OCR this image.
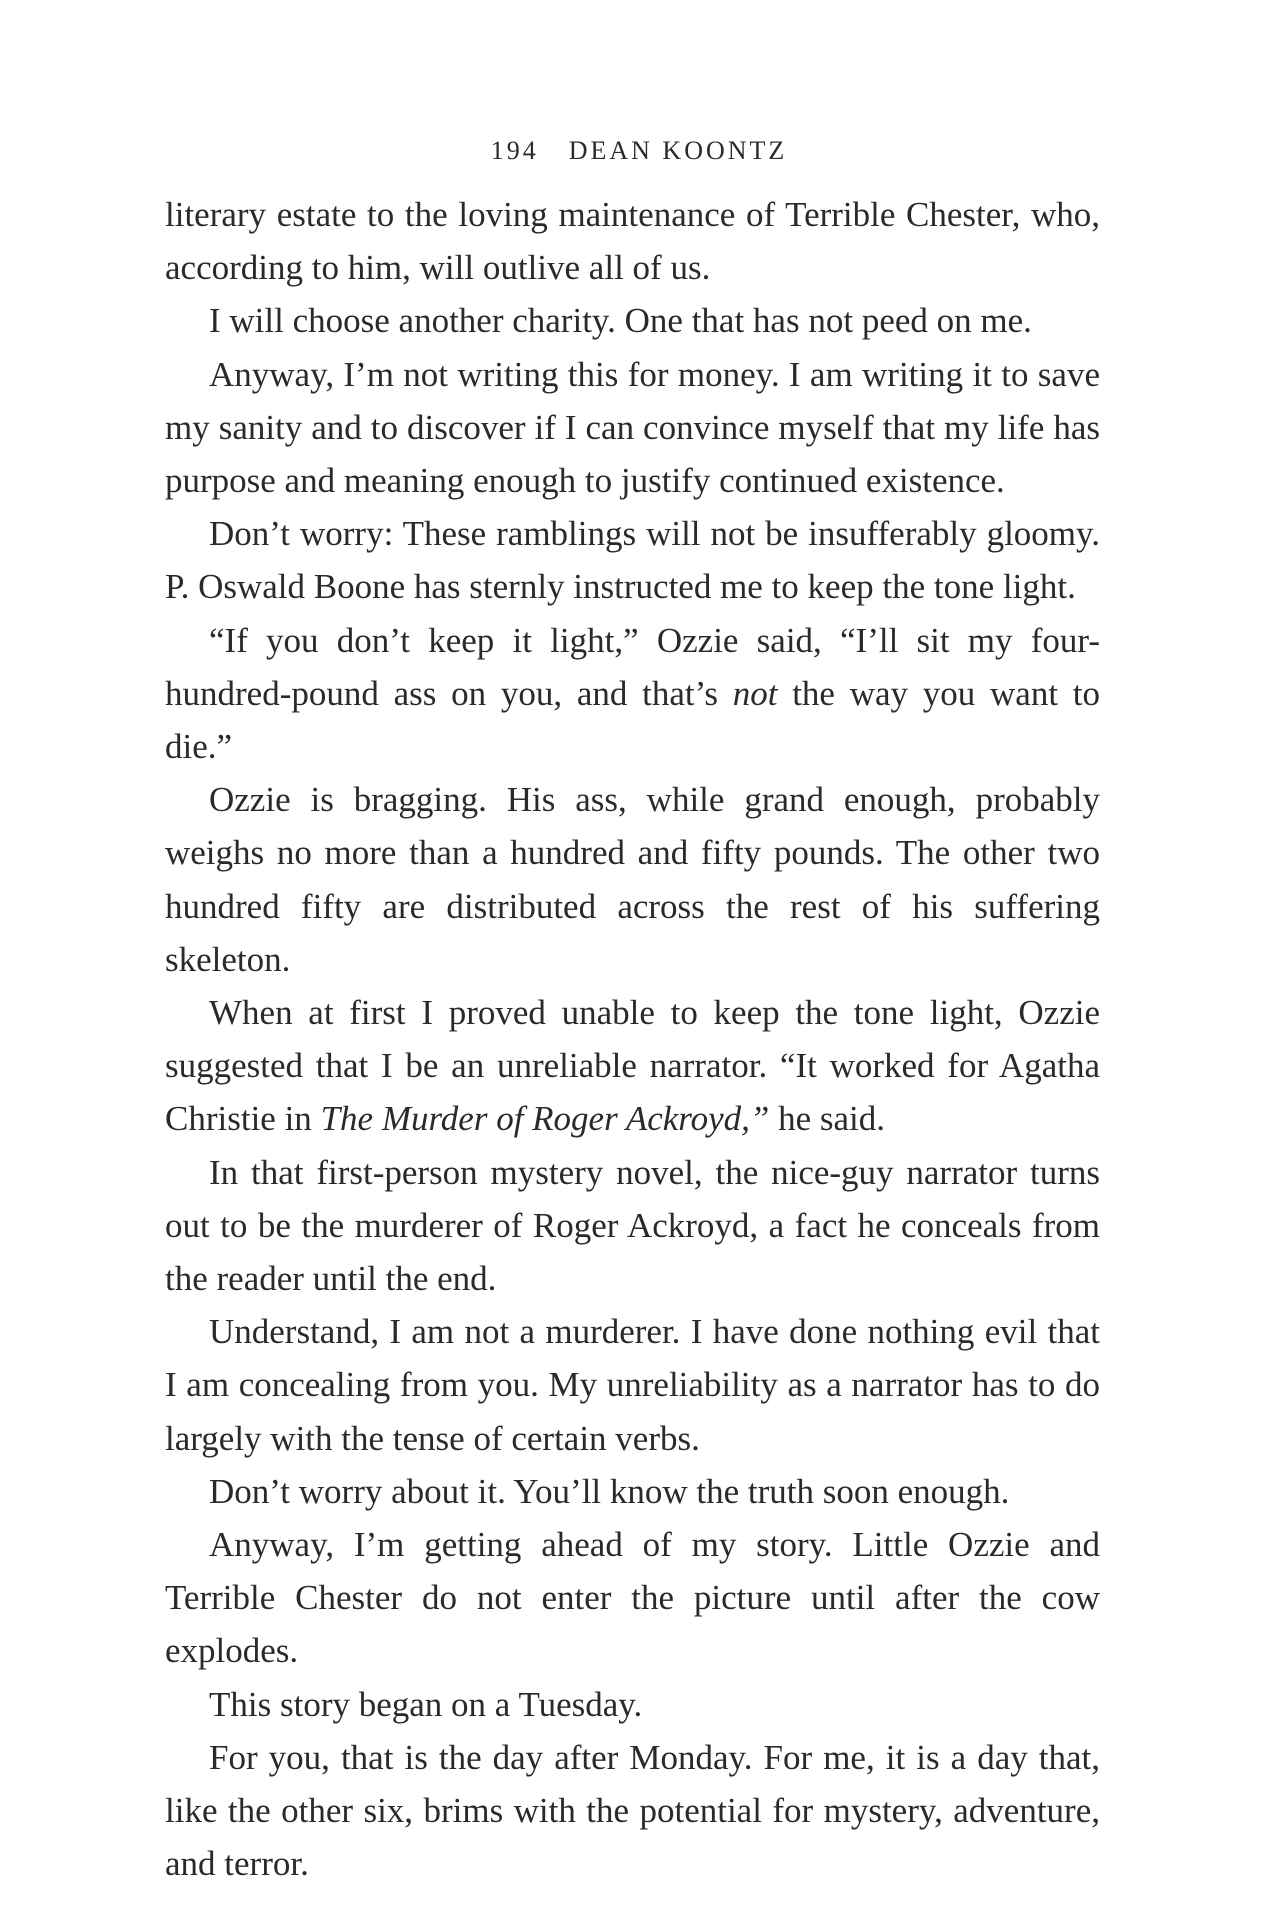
194 DEAN KOONTZ

literary estate to the loving maintenance of Terrible Chester, who, according to him, will outlive all of us.

I will choose another charity. One that has not peed on me.

Anyway, I’m not writing this for money. I am writing it to save my sanity and to discover if I can convince myself that my life has purpose and meaning enough to justify continued existence.

Don’t worry: These ramblings will not be insufferably gloomy. P. Oswald Boone has sternly instructed me to keep the tone light.

“If you don’t keep it light,” Ozzie said, “I’ll sit my four-hundred-pound ass on you, and that’s not the way you want to die.”

Ozzie is bragging. His ass, while grand enough, probably weighs no more than a hundred and fifty pounds. The other two hundred fifty are distributed across the rest of his suffering skeleton.

When at first I proved unable to keep the tone light, Ozzie suggested that I be an unreliable narrator. “It worked for Agatha Christie in The Murder of Roger Ackroyd,” he said.

In that first-person mystery novel, the nice-guy narrator turns out to be the murderer of Roger Ackroyd, a fact he conceals from the reader until the end.

Understand, I am not a murderer. I have done nothing evil that I am concealing from you. My unreliability as a narrator has to do largely with the tense of certain verbs.

Don’t worry about it. You’ll know the truth soon enough.

Anyway, I’m getting ahead of my story. Little Ozzie and Terrible Chester do not enter the picture until after the cow explodes.

This story began on a Tuesday.

For you, that is the day after Monday. For me, it is a day that, like the other six, brims with the potential for mystery, adventure, and terror.
